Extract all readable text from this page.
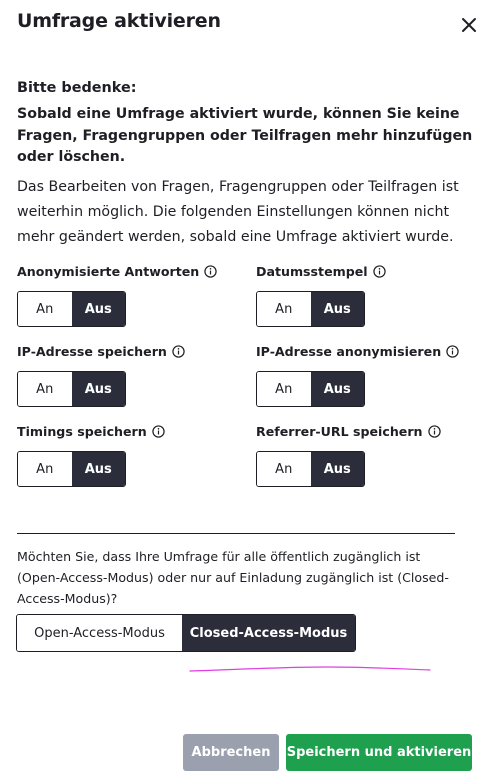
Umfrage aktivieren
Bitte bedenke:
Sobald eine Umfrage aktiviert wurde, können Sie keine Fragen, Fragengruppen oder Teilfragen mehr hinzufügen oder löschen.
Das Bearbeiten von Fragen, Fragengruppen oder Teilfragen ist weiterhin möglich. Die folgenden Einstellungen können nicht mehr geändert werden, sobald eine Umfrage aktiviert wurde.
Anonymisierte Antworten
An	Aus
Datumsstempel
An	Aus
IP-Adresse speichern
An	Aus
IP-Adresse anonymisieren
An	Aus
Timings speichern
An	Aus
Referrer-URL speichern
An	Aus
Möchten Sie, dass Ihre Umfrage für alle öffentlich zugänglich ist (Open-Access-Modus) oder nur auf Einladung zugänglich ist (Closed-Access-Modus)?
Open-Access-Modus	Closed-Access-Modus
Abbrechen	Speichern und aktivieren
